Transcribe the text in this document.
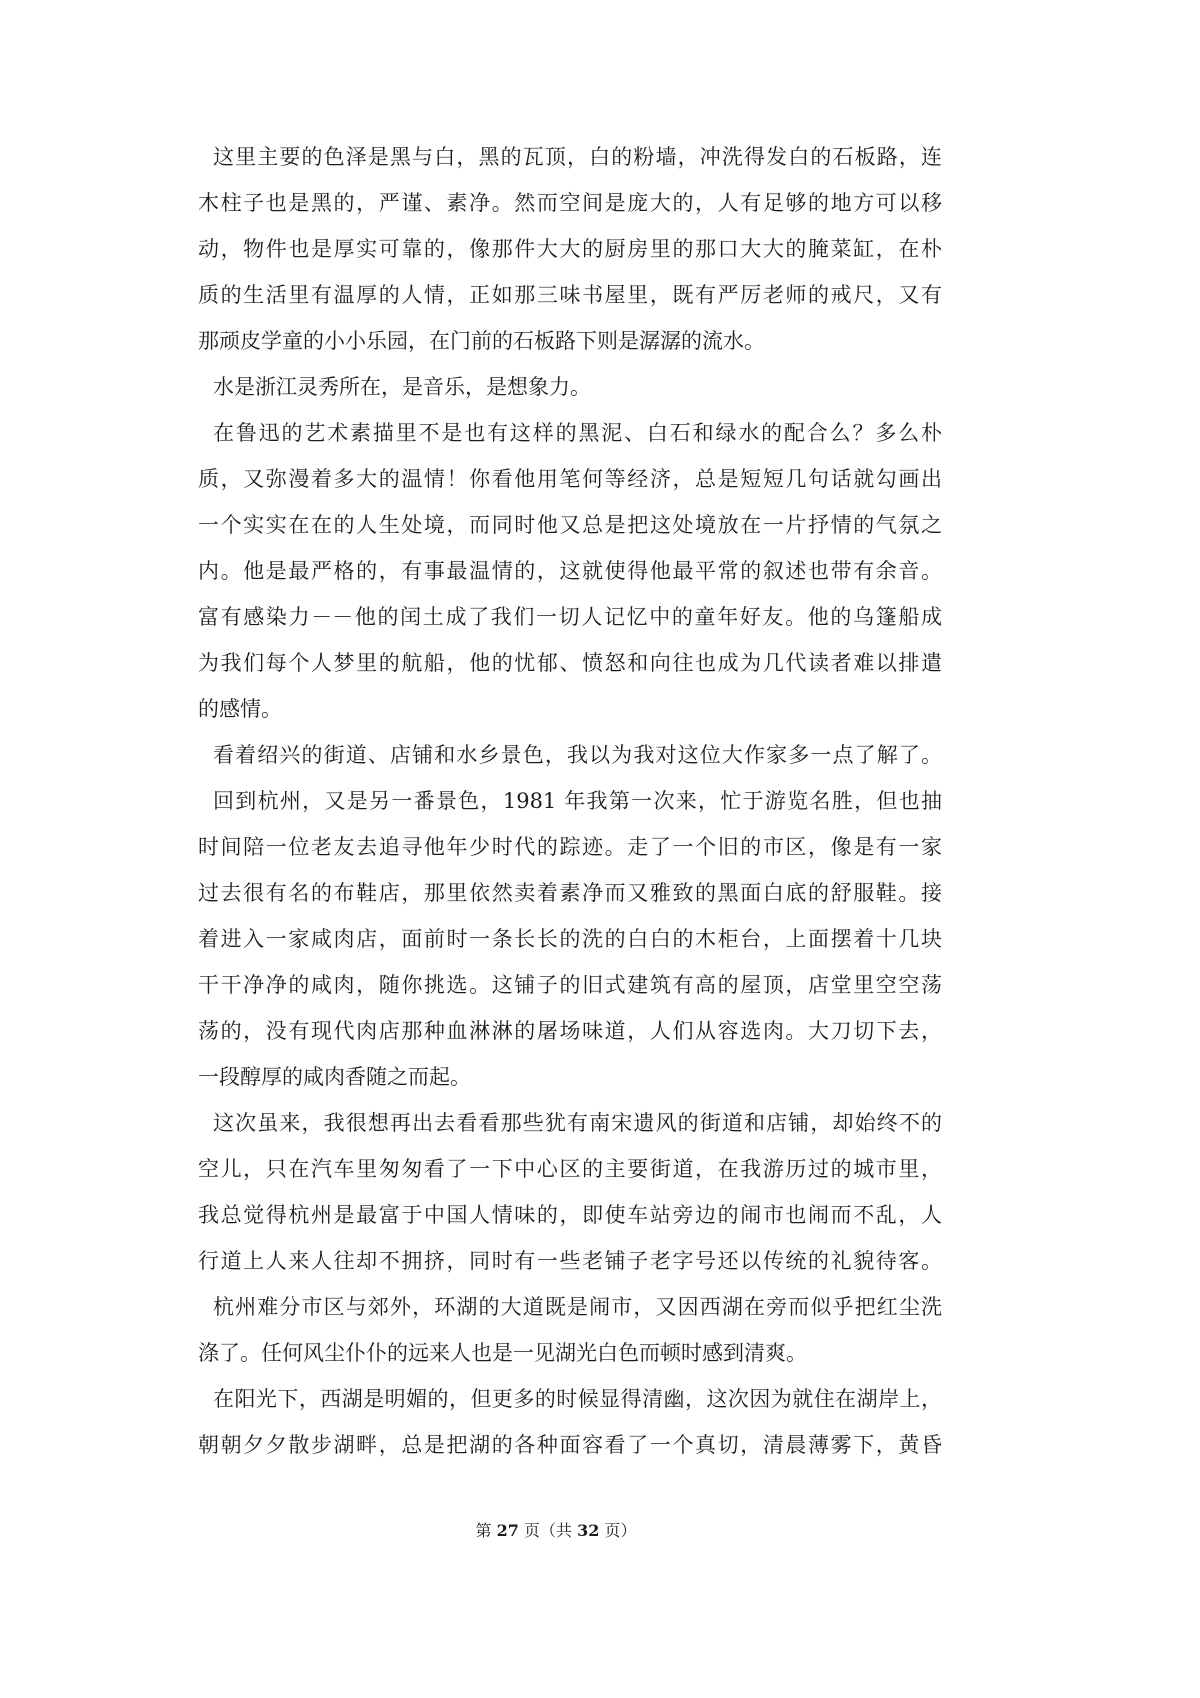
这里主要的色泽是黑与白，黑的瓦顶，白的粉墙，冲洗得发白的石板路，连
木柱子也是黑的，严谨、素净。然而空间是庞大的，人有足够的地方可以移
动，物件也是厚实可靠的，像那件大大的厨房里的那口大大的腌菜缸，在朴
质的生活里有温厚的人情，正如那三味书屋里，既有严厉老师的戒尺，又有
那顽皮学童的小小乐园，在门前的石板路下则是潺潺的流水。
水是浙江灵秀所在，是音乐，是想象力。
在鲁迅的艺术素描里不是也有这样的黑泥、白石和绿水的配合么？多么朴
质，又弥漫着多大的温情！你看他用笔何等经济，总是短短几句话就勾画出
一个实实在在的人生处境，而同时他又总是把这处境放在一片抒情的气氛之
内。他是最严格的，有事最温情的，这就使得他最平常的叙述也带有余音。
富有感染力－－他的闰土成了我们一切人记忆中的童年好友。他的乌篷船成
为我们每个人梦里的航船，他的忧郁、愤怒和向往也成为几代读者难以排遣
的感情。
看着绍兴的街道、店铺和水乡景色，我以为我对这位大作家多一点了解了。
回到杭州，又是另一番景色，1981 年我第一次来，忙于游览名胜，但也抽
时间陪一位老友去追寻他年少时代的踪迹。走了一个旧的市区，像是有一家
过去很有名的布鞋店，那里依然卖着素净而又雅致的黑面白底的舒服鞋。接
着进入一家咸肉店，面前时一条长长的洗的白白的木柜台，上面摆着十几块
干干净净的咸肉，随你挑选。这铺子的旧式建筑有高的屋顶，店堂里空空荡
荡的，没有现代肉店那种血淋淋的屠场味道，人们从容选肉。大刀切下去，
一段醇厚的咸肉香随之而起。
这次虽来，我很想再出去看看那些犹有南宋遗风的街道和店铺，却始终不的
空儿，只在汽车里匆匆看了一下中心区的主要街道，在我游历过的城市里，
我总觉得杭州是最富于中国人情味的，即使车站旁边的闹市也闹而不乱，人
行道上人来人往却不拥挤，同时有一些老铺子老字号还以传统的礼貌待客。
杭州难分市区与郊外，环湖的大道既是闹市，又因西湖在旁而似乎把红尘洗
涤了。任何风尘仆仆的远来人也是一见湖光白色而顿时感到清爽。
在阳光下，西湖是明媚的，但更多的时候显得清幽，这次因为就住在湖岸上，
朝朝夕夕散步湖畔，总是把湖的各种面容看了一个真切，清晨薄雾下，黄昏
第 27 页（共 32 页）
